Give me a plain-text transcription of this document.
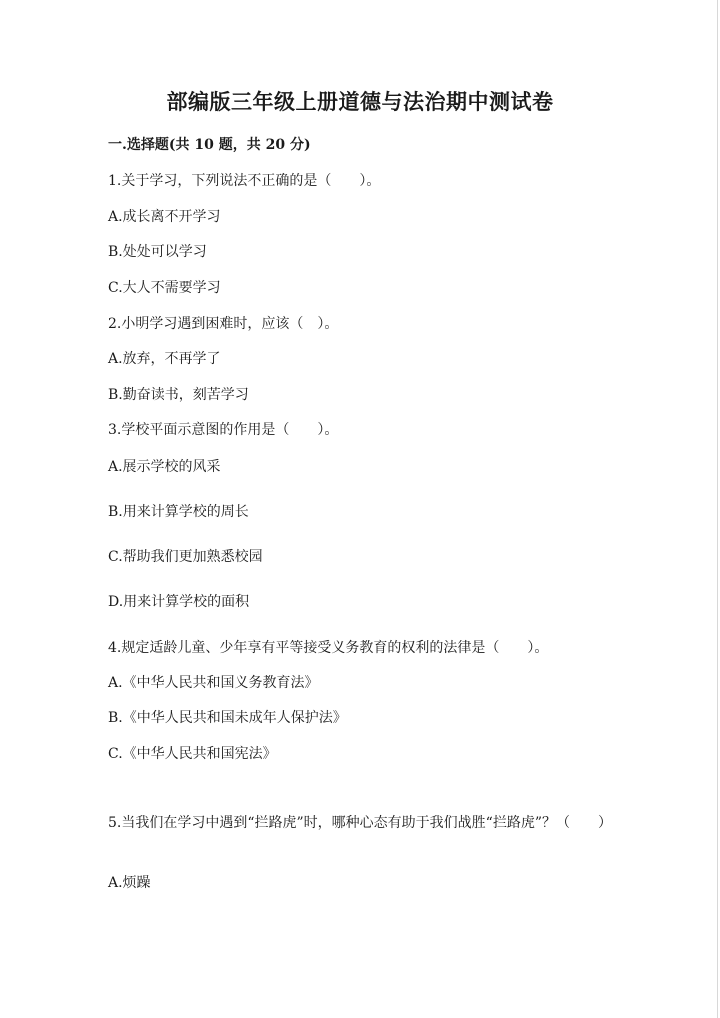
部编版三年级上册道德与法治期中测试卷
一.选择题(共 10 题，共 20 分)
1.关于学习，下列说法不正确的是（　　）。
A.成长离不开学习
B.处处可以学习
C.大人不需要学习
2.小明学习遇到困难时，应该（　）。
A.放弃，不再学了
B.勤奋读书，刻苦学习
3.学校平面示意图的作用是（　　）。
A.展示学校的风采
B.用来计算学校的周长
C.帮助我们更加熟悉校园
D.用来计算学校的面积
4.规定适龄儿童、少年享有平等接受义务教育的权利的法律是（　　）。
A.《中华人民共和国义务教育法》
B.《中华人民共和国未成年人保护法》
C.《中华人民共和国宪法》
5.当我们在学习中遇到“拦路虎”时，哪种心态有助于我们战胜“拦路虎”？（　　）
A.烦躁
